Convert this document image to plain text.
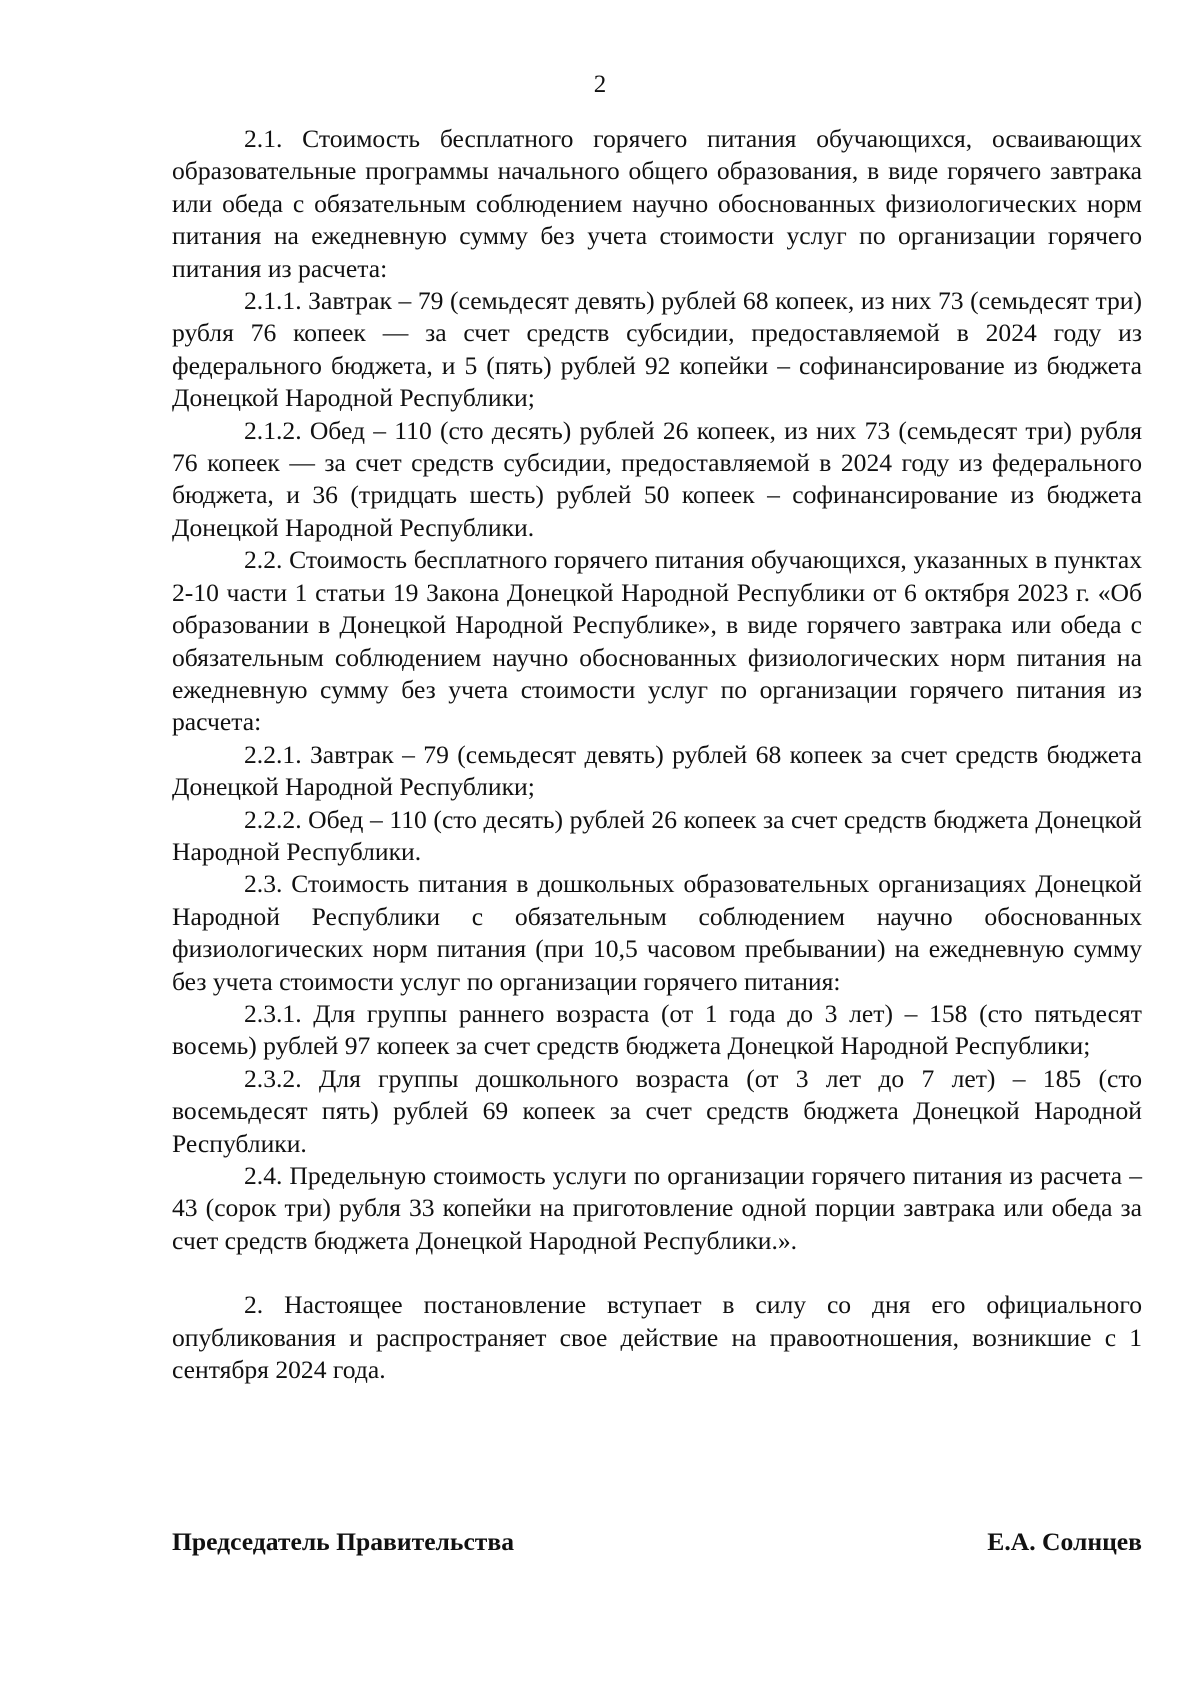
2

2.1. Стоимость бесплатного горячего питания обучающихся, осваивающих образовательные программы начального общего образования, в виде горячего завтрака или обеда с обязательным соблюдением научно обоснованных физиологических норм питания на ежедневную сумму без учета стоимости услуг по организации горячего питания из расчета:

2.1.1. Завтрак – 79 (семьдесят девять) рублей 68 копеек, из них 73 (семьдесят три) рубля 76 копеек — за счет средств субсидии, предоставляемой в 2024 году из федерального бюджета, и 5 (пять) рублей 92 копейки – софинансирование из бюджета Донецкой Народной Республики;

2.1.2. Обед – 110 (сто десять) рублей 26 копеек, из них 73 (семьдесят три) рубля 76 копеек — за счет средств субсидии, предоставляемой в 2024 году из федерального бюджета, и 36 (тридцать шесть) рублей 50 копеек – софинансирование из бюджета Донецкой Народной Республики.

2.2. Стоимость бесплатного горячего питания обучающихся, указанных в пунктах 2-10 части 1 статьи 19 Закона Донецкой Народной Республики от 6 октября 2023 г. «Об образовании в Донецкой Народной Республике», в виде горячего завтрака или обеда с обязательным соблюдением научно обоснованных физиологических норм питания на ежедневную сумму без учета стоимости услуг по организации горячего питания из расчета:

2.2.1. Завтрак – 79 (семьдесят девять) рублей 68 копеек за счет средств бюджета Донецкой Народной Республики;

2.2.2. Обед – 110 (сто десять) рублей 26 копеек за счет средств бюджета Донецкой Народной Республики.

2.3. Стоимость питания в дошкольных образовательных организациях Донецкой Народной Республики с обязательным соблюдением научно обоснованных физиологических норм питания (при 10,5 часовом пребывании) на ежедневную сумму без учета стоимости услуг по организации горячего питания:

2.3.1. Для группы раннего возраста (от 1 года до 3 лет) – 158 (сто пятьдесят восемь) рублей 97 копеек за счет средств бюджета Донецкой Народной Республики;

2.3.2. Для группы дошкольного возраста (от 3 лет до 7 лет) – 185 (сто восемьдесят пять) рублей 69 копеек за счет средств бюджета Донецкой Народной Республики.

2.4. Предельную стоимость услуги по организации горячего питания из расчета – 43 (сорок три) рубля 33 копейки на приготовление одной порции завтрака или обеда за счет средств бюджета Донецкой Народной Республики.».

2. Настоящее постановление вступает в силу со дня его официального опубликования и распространяет свое действие на правоотношения, возникшие с 1 сентября 2024 года.

Председатель Правительства	Е.А. Солнцев
